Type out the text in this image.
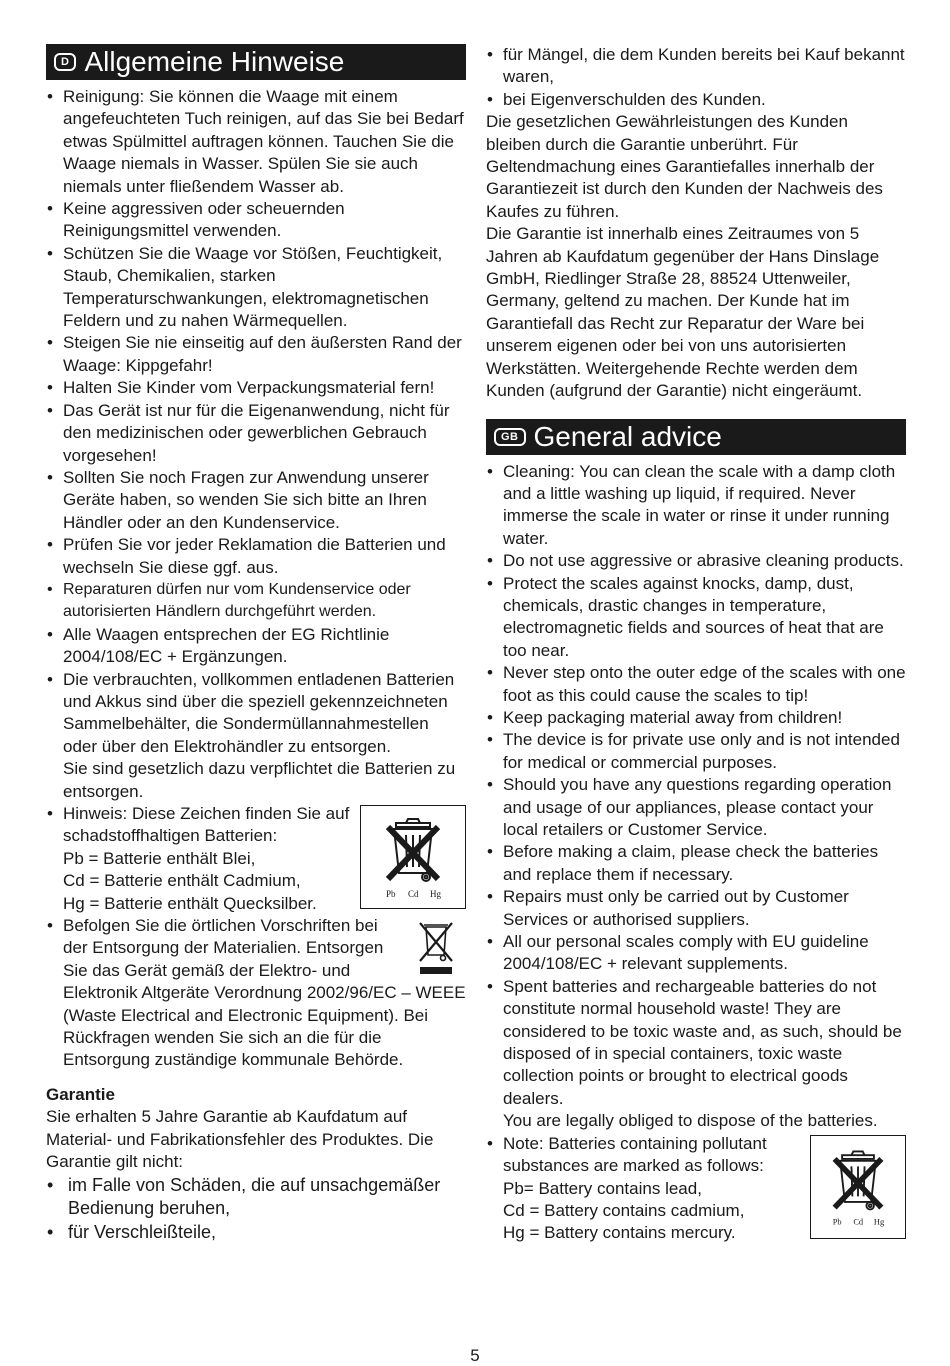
D Allgemeine Hinweise
• Reinigung: Sie können die Waage mit einem angefeuchteten Tuch reinigen, auf das Sie bei Bedarf etwas Spülmittel auftragen können. Tauchen Sie die Waage niemals in Wasser. Spülen Sie sie auch niemals unter fließendem Wasser ab.
• Keine aggressiven oder scheuernden Reinigungsmittel verwenden.
• Schützen Sie die Waage vor Stößen, Feuchtigkeit, Staub, Chemikalien, starken Temperaturschwankungen, elektromagnetischen Feldern und zu nahen Wärmequellen.
• Steigen Sie nie einseitig auf den äußersten Rand der Waage: Kippgefahr!
• Halten Sie Kinder vom Verpackungsmaterial fern!
• Das Gerät ist nur für die Eigenanwendung, nicht für den medizinischen oder gewerblichen Gebrauch vorgesehen!
• Sollten Sie noch Fragen zur Anwendung unserer Geräte haben, so wenden Sie sich bitte an Ihren Händler oder an den Kundenservice.
• Prüfen Sie vor jeder Reklamation die Batterien und wechseln Sie diese ggf. aus.
• Reparaturen dürfen nur vom Kundenservice oder autorisierten Händlern durchgeführt werden.
• Alle Waagen entsprechen der EG Richtlinie 2004/108/EC + Ergänzungen.
• Die verbrauchten, vollkommen entladenen Batterien und Akkus sind über die speziell gekennzeichneten Sammelbehälter, die Sondermüllannahmestellen oder über den Elektrohändler zu entsorgen.
Sie sind gesetzlich dazu verpflichtet die Batterien zu entsorgen.
• Pb Cd Hg
Hinweis: Diese Zeichen finden Sie auf schadstoffhaltigen Batterien:
Pb = Batterie enthält Blei,
Cd = Batterie enthält Cadmium,
Hg = Batterie enthält Quecksilber.
• Befolgen Sie die örtlichen Vorschriften bei der Entsorgung der Materialien. Entsorgen Sie das Gerät gemäß der Elektro- und Elektronik Altgeräte Verordnung 2002/96/EC – WEEE (Waste Electrical and Electronic Equipment). Bei Rückfragen wenden Sie sich an die für die Entsorgung zuständige kommunale Behörde.
Garantie

Sie erhalten 5 Jahre Garantie ab Kaufdatum auf Material- und Fabrikationsfehler des Produktes. Die Garantie gilt nicht:

• im Falle von Schäden, die auf unsachgemäßer Bedienung beruhen,
• für Verschleißteile,
• für Mängel, die dem Kunden bereits bei Kauf bekannt waren,
• bei Eigenverschulden des Kunden.

Die gesetzlichen Gewährleistungen des Kunden bleiben durch die Garantie unberührt. Für Geltendmachung eines Garantiefalles innerhalb der Garantiezeit ist durch den Kunden der Nachweis des Kaufes zu führen.

Die Garantie ist innerhalb eines Zeitraumes von 5 Jahren ab Kaufdatum gegenüber der Hans Dinslage GmbH, Riedlinger Straße 28, 88524 Uttenweiler, Germany, geltend zu machen. Der Kunde hat im Garantiefall das Recht zur Reparatur der Ware bei unserem eigenen oder bei von uns autorisierten Werkstätten. Weitergehende Rechte werden dem Kunden (aufgrund der Garantie) nicht eingeräumt.

GB General advice
• Cleaning: You can clean the scale with a damp cloth and a little washing up liquid, if required. Never immerse the scale in water or rinse it under running water.
• Do not use aggressive or abrasive cleaning products.
• Protect the scales against knocks, damp, dust, chemicals, drastic changes in temperature, electromagnetic fields and sources of heat that are too near.
• Never step onto the outer edge of the scales with one foot as this could cause the scales to tip!
• Keep packaging material away from children!
• The device is for private use only and is not intended for medical or commercial purposes.
• Should you have any questions regarding operation and usage of our appliances, please contact your local retailers or Customer Service.
• Before making a claim, please check the batteries and replace them if necessary.
• Repairs must only be carried out by Customer Services or authorised suppliers.
• All our personal scales comply with EU guideline 2004/108/EC + relevant supplements.
• Spent batteries and rechargeable batteries do not constitute normal household waste! They are considered to be toxic waste and, as such, should be disposed of in special containers, toxic waste collection points or brought to electrical goods dealers.
You are legally obliged to dispose of the batteries.
• Pb Cd Hg
Note: Batteries containing pollutant substances are marked as follows:
Pb= Battery contains lead,
Cd = Battery contains cadmium,
Hg = Battery contains mercury.
5
